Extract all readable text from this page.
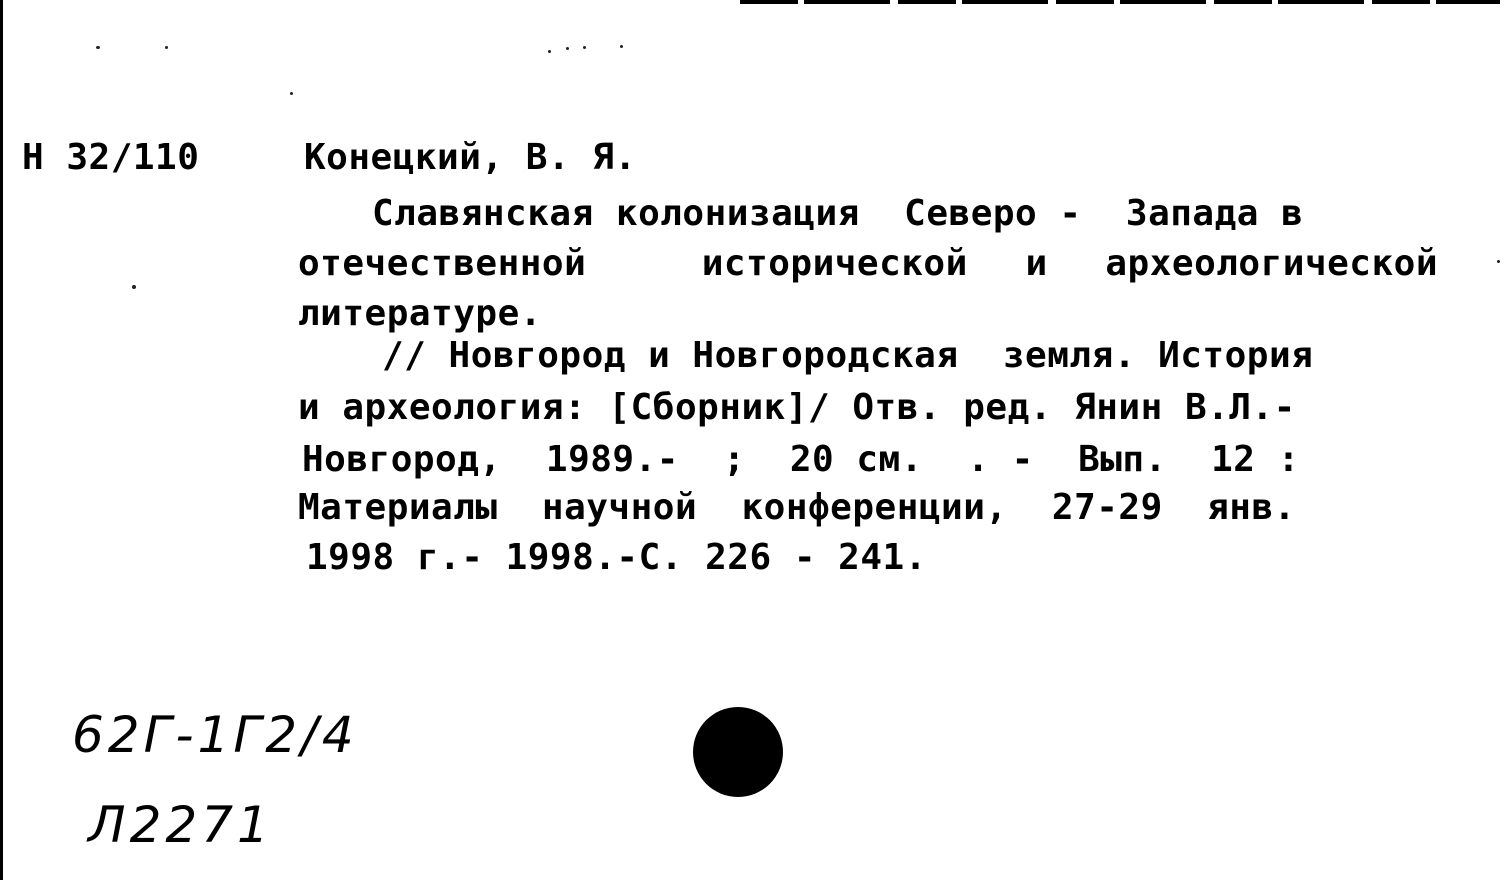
Н 32/110	Конецкий, В. Я.
Славянская колонизация  Северо -  Запада в
отечественной  исторической и археологической
литературе.
// Новгород и Новгородская  земля. История
и археология: [Сборник]/ Отв. ред. Янин В.Л.-
Новгород,  1989.-  ;  20 см.  . -  Вып.  12 :
Материалы  научной  конференции,  27-29  янв.
1998 г.- 1998.-С. 226 - 241.
62Г-1Г2/4
Л2271
